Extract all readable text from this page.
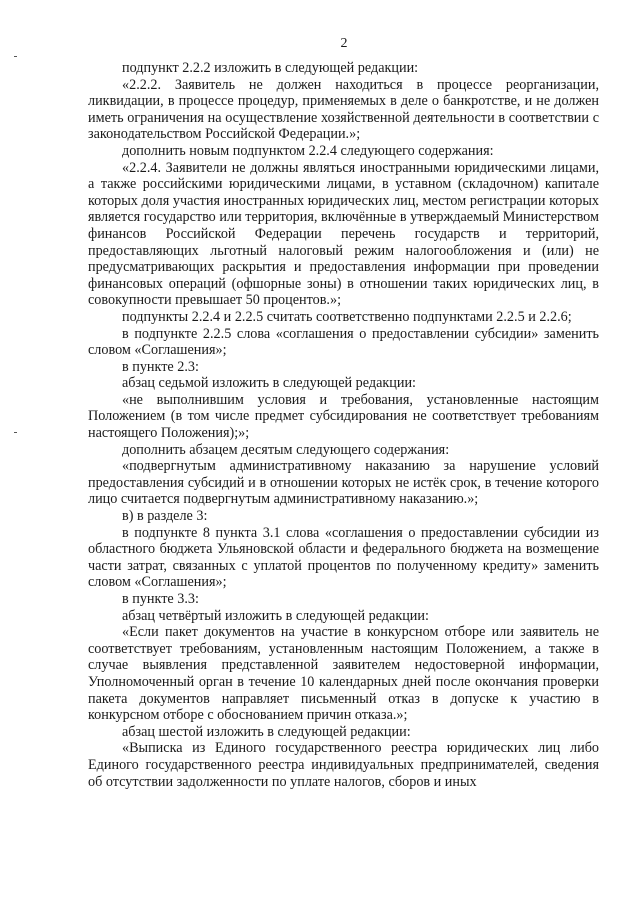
2

подпункт 2.2.2 изложить в следующей редакции:

«2.2.2. Заявитель не должен находиться в процессе реорганизации, ликвидации, в процессе процедур, применяемых в деле о банкротстве, и не должен иметь ограничения на осуществление хозяйственной деятельности в соответствии с законодательством Российской Федерации.»;

дополнить новым подпунктом 2.2.4 следующего содержания:

«2.2.4. Заявители не должны являться иностранными юридическими лицами, а также российскими юридическими лицами, в уставном (складочном) капитале которых доля участия иностранных юридических лиц, местом регистрации которых является государство или территория, включённые в утверждаемый Министерством финансов Российской Федерации перечень государств и территорий, предоставляющих льготный налоговый режим налогообложения и (или) не предусматривающих раскрытия и предоставления информации при проведении финансовых операций (офшорные зоны) в отношении таких юридических лиц, в совокупности превышает 50 процентов.»;

подпункты 2.2.4 и 2.2.5 считать соответственно подпунктами 2.2.5 и 2.2.6;

в подпункте 2.2.5 слова «соглашения о предоставлении субсидии» заменить словом «Соглашения»;

в пункте 2.3:

абзац седьмой изложить в следующей редакции:

«не выполнившим условия и требования, установленные настоящим Положением (в том числе предмет субсидирования не соответствует требованиям настоящего Положения);»;

дополнить абзацем десятым следующего содержания:

«подвергнутым административному наказанию за нарушение условий предоставления субсидий и в отношении которых не истёк срок, в течение которого лицо считается подвергнутым административному наказанию.»;

в) в разделе 3:

в подпункте 8 пункта 3.1 слова «соглашения о предоставлении субсидии из областного бюджета Ульяновской области и федерального бюджета на возмещение части затрат, связанных с уплатой процентов по полученному кредиту» заменить словом «Соглашения»;

в пункте 3.3:

абзац четвёртый изложить в следующей редакции:

«Если пакет документов на участие в конкурсном отборе или заявитель не соответствует требованиям, установленным настоящим Положением, а также в случае выявления представленной заявителем недостоверной информации, Уполномоченный орган в течение 10 календарных дней после окончания проверки пакета документов направляет письменный отказ в допуске к участию в конкурсном отборе с обоснованием причин отказа.»;

абзац шестой изложить в следующей редакции:

«Выписка из Единого государственного реестра юридических лиц либо Единого государственного реестра индивидуальных предпринимателей, сведения об отсутствии задолженности по уплате налогов, сборов и иных
